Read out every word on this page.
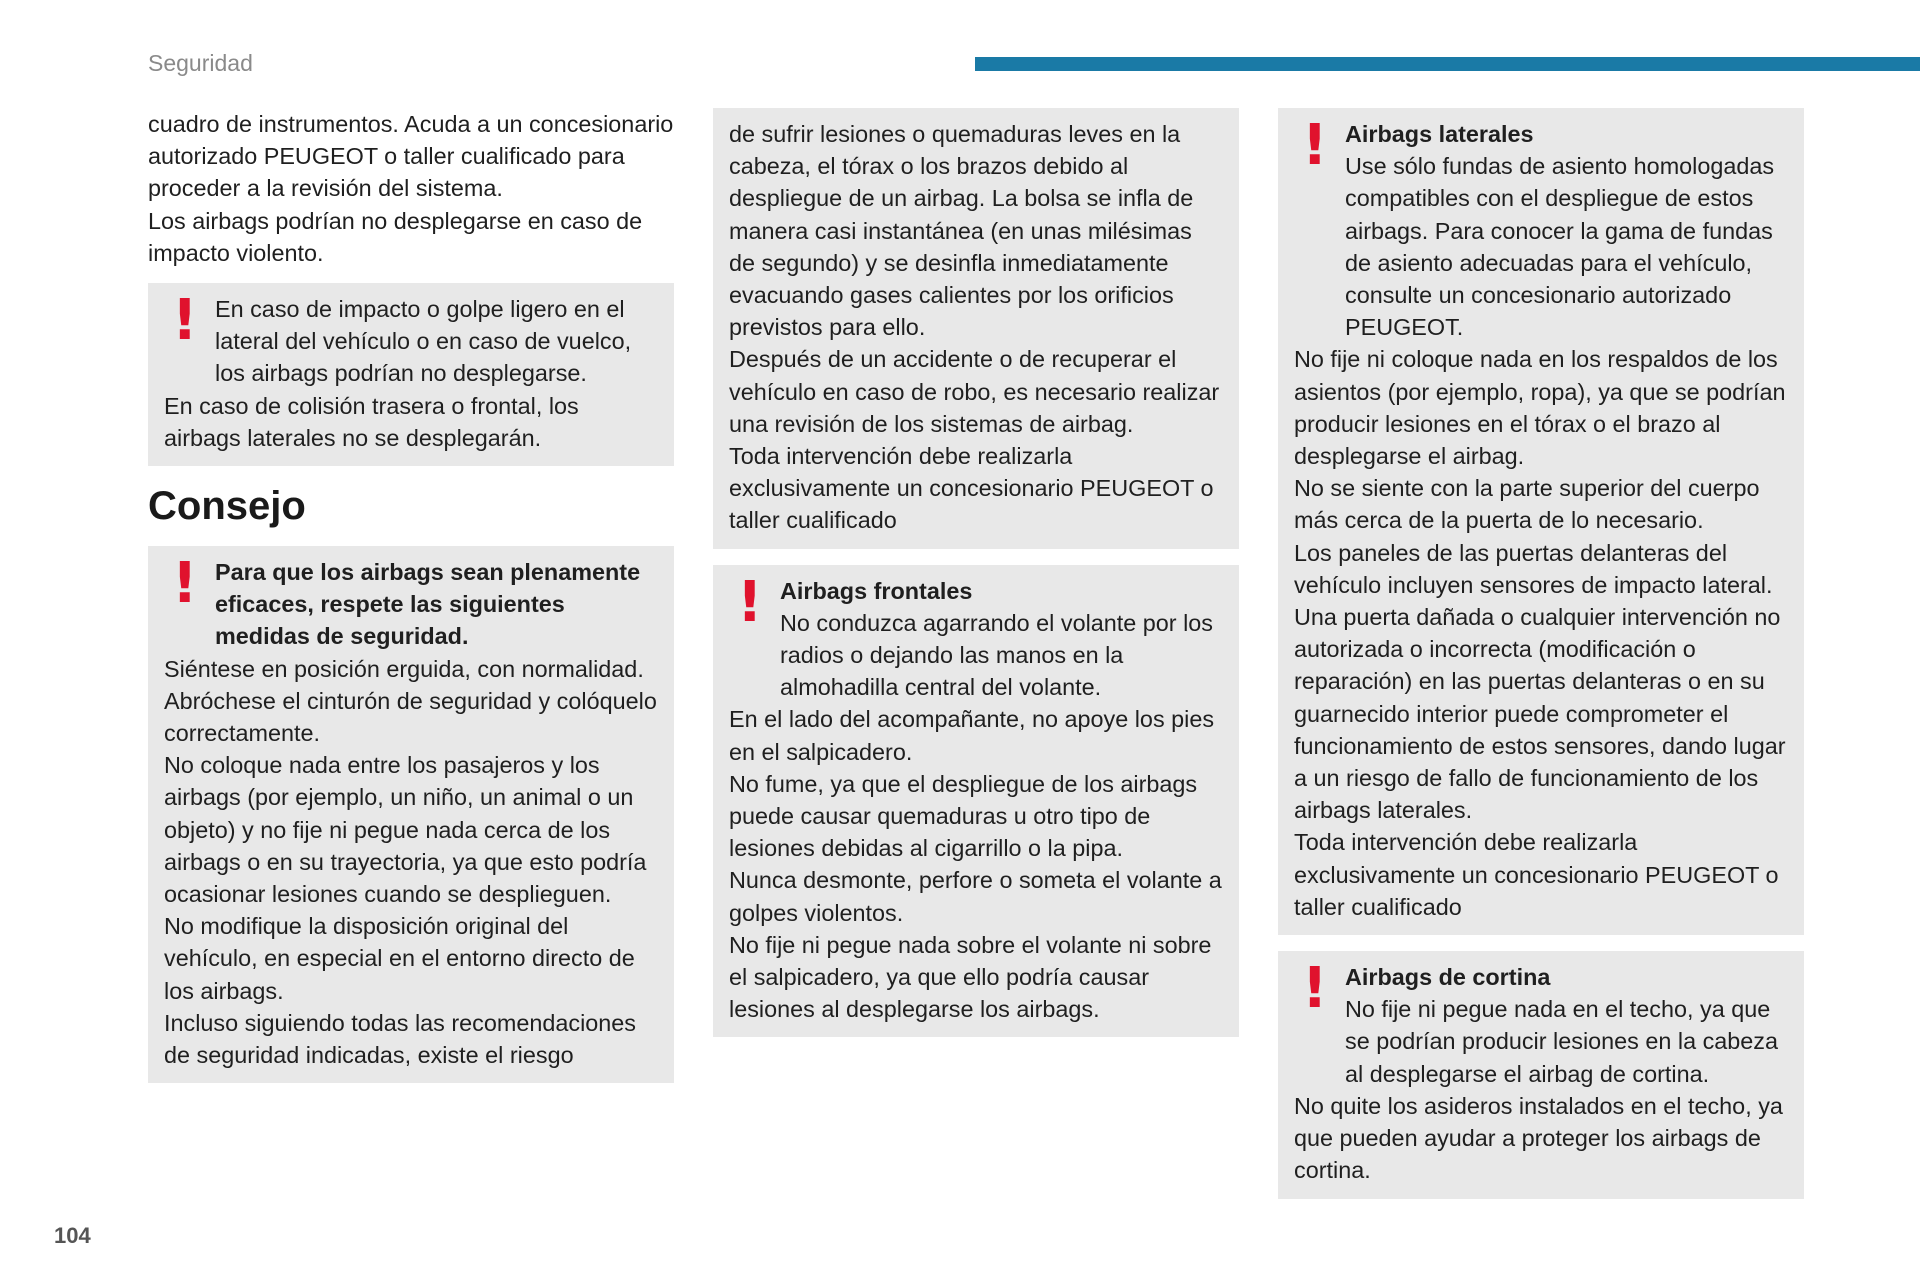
Seguridad

cuadro de instrumentos. Acuda a un concesionario autorizado PEUGEOT o taller cualificado para proceder a la revisión del sistema.

Los airbags podrían no desplegarse en caso de impacto violento.

! En caso de impacto o golpe ligero en el lateral del vehículo o en caso de vuelco, los airbags podrían no desplegarse.

En caso de colisión trasera o frontal, los airbags laterales no se desplegarán.

Consejo
! Para que los airbags sean plenamente eficaces, respete las siguientes medidas de seguridad.

Siéntese en posición erguida, con normalidad.

Abróchese el cinturón de seguridad y colóquelo correctamente.

No coloque nada entre los pasajeros y los airbags (por ejemplo, un niño, un animal o un objeto) y no fije ni pegue nada cerca de los airbags o en su trayectoria, ya que esto podría ocasionar lesiones cuando se desplieguen.

No modifique la disposición original del vehículo, en especial en el entorno directo de los airbags.

Incluso siguiendo todas las recomendaciones de seguridad indicadas, existe el riesgo

de sufrir lesiones o quemaduras leves en la cabeza, el tórax o los brazos debido al despliegue de un airbag. La bolsa se infla de manera casi instantánea (en unas milésimas de segundo) y se desinfla inmediatamente evacuando gases calientes por los orificios previstos para ello.

Después de un accidente o de recuperar el vehículo en caso de robo, es necesario realizar una revisión de los sistemas de airbag.

Toda intervención debe realizarla exclusivamente un concesionario PEUGEOT o taller cualificado

! Airbags frontales

No conduzca agarrando el volante por los radios o dejando las manos en la almohadilla central del volante.

En el lado del acompañante, no apoye los pies en el salpicadero.

No fume, ya que el despliegue de los airbags puede causar quemaduras u otro tipo de lesiones debidas al cigarrillo o la pipa.

Nunca desmonte, perfore o someta el volante a golpes violentos.

No fije ni pegue nada sobre el volante ni sobre el salpicadero, ya que ello podría causar lesiones al desplegarse los airbags.

! Airbags laterales

Use sólo fundas de asiento homologadas compatibles con el despliegue de estos airbags. Para conocer la gama de fundas de asiento adecuadas para el vehículo, consulte un concesionario autorizado PEUGEOT.

No fije ni coloque nada en los respaldos de los asientos (por ejemplo, ropa), ya que se podrían producir lesiones en el tórax o el brazo al desplegarse el airbag.

No se siente con la parte superior del cuerpo más cerca de la puerta de lo necesario.

Los paneles de las puertas delanteras del vehículo incluyen sensores de impacto lateral.

Una puerta dañada o cualquier intervención no autorizada o incorrecta (modificación o reparación) en las puertas delanteras o en su guarnecido interior puede comprometer el funcionamiento de estos sensores, dando lugar a un riesgo de fallo de funcionamiento de los airbags laterales.

Toda intervención debe realizarla exclusivamente un concesionario PEUGEOT o taller cualificado

! Airbags de cortina

No fije ni pegue nada en el techo, ya que se podrían producir lesiones en la cabeza al desplegarse el airbag de cortina.

No quite los asideros instalados en el techo, ya que pueden ayudar a proteger los airbags de cortina.

104
